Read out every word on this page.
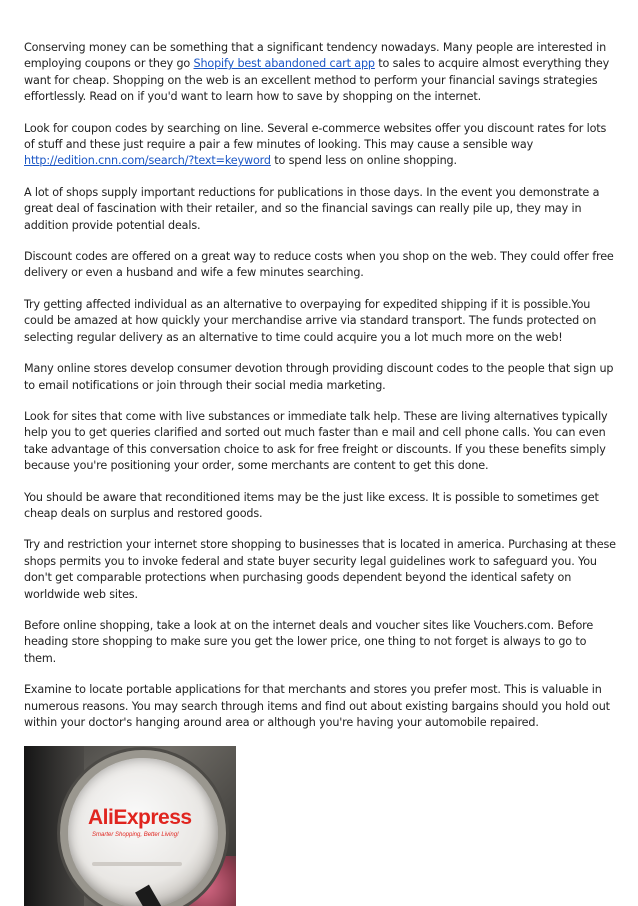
Conserving money can be something that a significant tendency nowadays. Many people are interested in employing coupons or they go Shopify best abandoned cart app to sales to acquire almost everything they want for cheap. Shopping on the web is an excellent method to perform your financial savings strategies effortlessly. Read on if you'd want to learn how to save by shopping on the internet.

Look for coupon codes by searching on line. Several e-commerce websites offer you discount rates for lots of stuff and these just require a pair a few minutes of looking. This may cause a sensible way http://edition.cnn.com/search/?text=keyword to spend less on online shopping.

A lot of shops supply important reductions for publications in those days. In the event you demonstrate a great deal of fascination with their retailer, and so the financial savings can really pile up, they may in addition provide potential deals.

Discount codes are offered on a great way to reduce costs when you shop on the web. They could offer free delivery or even a husband and wife a few minutes searching.

Try getting affected individual as an alternative to overpaying for expedited shipping if it is possible.You could be amazed at how quickly your merchandise arrive via standard transport. The funds protected on selecting regular delivery as an alternative to time could acquire you a lot much more on the web!

Many online stores develop consumer devotion through providing discount codes to the people that sign up to email notifications or join through their social media marketing.

Look for sites that come with live substances or immediate talk help. These are living alternatives typically help you to get queries clarified and sorted out much faster than e mail and cell phone calls. You can even take advantage of this conversation choice to ask for free freight or discounts. If you these benefits simply because you're positioning your order, some merchants are content to get this done.

You should be aware that reconditioned items may be the just like excess. It is possible to sometimes get cheap deals on surplus and restored goods.

Try and restriction your internet store shopping to businesses that is located in america. Purchasing at these shops permits you to invoke federal and state buyer security legal guidelines work to safeguard you. You don't get comparable protections when purchasing goods dependent beyond the identical safety on worldwide web sites.

Before online shopping, take a look at on the internet deals and voucher sites like Vouchers.com. Before heading store shopping to make sure you get the lower price, one thing to not forget is always to go to them.

Examine to locate portable applications for that merchants and stores you prefer most. This is valuable in numerous reasons. You may search through items and find out about existing bargains should you hold out within your doctor's hanging around area or although you're having your automobile repaired.

AliExpress
Smarter Shopping, Better Living!
